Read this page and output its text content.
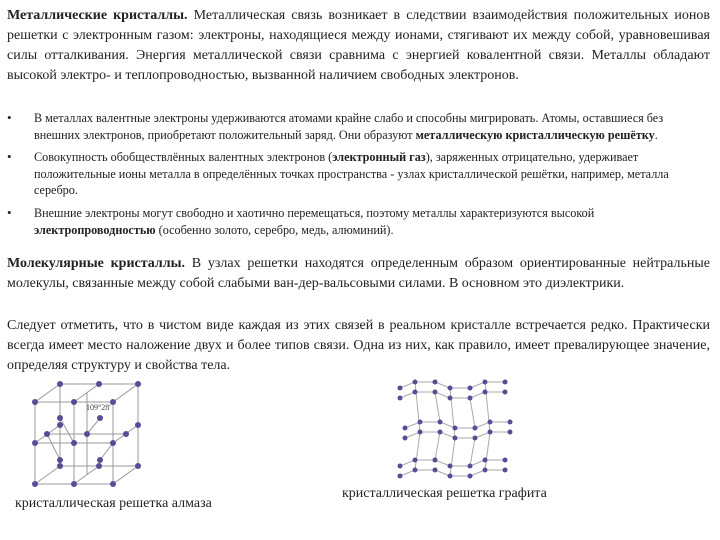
Металлические кристаллы. Металлическая связь возникает в следствии взаимодействия положительных ионов решетки с электронным газом: электроны, находящиеся между ионами, стягивают их между собой, уравновешивая силы отталкивания. Энергия металлической связи сравнима с энергией ковалентной связи. Металлы обладают высокой электро- и теплопроводностью, вызванной наличием свободных электронов.

• В металлах валентные электроны удерживаются атомами крайне слабо и способны мигрировать. Атомы, оставшиеся без внешних электронов, приобретают положительный заряд. Они образуют металлическую кристаллическую решётку.
• Совокупность обобществлённых валентных электронов (электронный газ), заряженных отрицательно, удерживает положительные ионы металла в определённых точках пространства - узлах кристаллической решётки, например, металла серебро.
• Внешние электроны могут свободно и хаотично перемещаться, поэтому металлы характеризуются высокой электропроводностью (особенно золото, серебро, медь, алюминий).

Молекулярные кристаллы. В узлах решетки находятся определенным образом ориентированные нейтральные молекулы, связанные между собой слабыми ван-дер-вальсовыми силами. В основном это диэлектрики.

Следует отметить, что в чистом виде каждая из этих связей в реальном кристалле встречается редко. Практически всегда имеет место наложение двух и более типов связи. Одна из них, как правило, имеет превалирующее значение, определяя структуру и свойства тела.

109°28'
кристаллическая решетка алмаза
кристаллическая решетка графита
